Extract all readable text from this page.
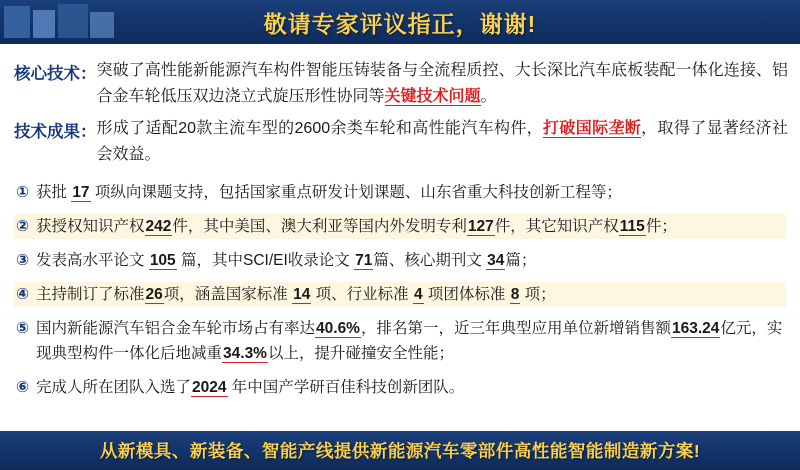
敬请专家评议指正，谢谢!
核心技术： 突破了高性能新能源汽车构件智能压铸装备与全流程质控、大长深比汽车底板装配一体化连接、铝合金车轮低压双边浇立式旋压形性协同等关键技术问题。
技术成果： 形成了适配20款主流车型的2600余类车轮和高性能汽车构件，打破国际垄断，取得了显著经济社会效益。
① 获批 17 项纵向课题支持，包括国家重点研发计划课题、山东省重大科技创新工程等；
② 获授权知识产权242件，其中美国、澳大利亚等国内外发明专利127件，其它知识产权115件；
③ 发表高水平论文 105 篇，其中SCI/EI收录论文 71篇、核心期刊文 34篇；
④ 主持制订了标准26项，涵盖国家标准 14 项、行业标准 4 项团体标准 8 项；
⑤ 国内新能源汽车铝合金车轮市场占有率达40.6%，排名第一，近三年典型应用单位新增销售额163.24亿元，实现典型构件一体化后地减重34.3%以上，提升碰撞安全性能；
⑥ 完成人所在团队入选了2024 年中国产学研百佳科技创新团队。
从新模具、新装备、智能产线提供新能源汽车零部件高性能智能制造新方案!
